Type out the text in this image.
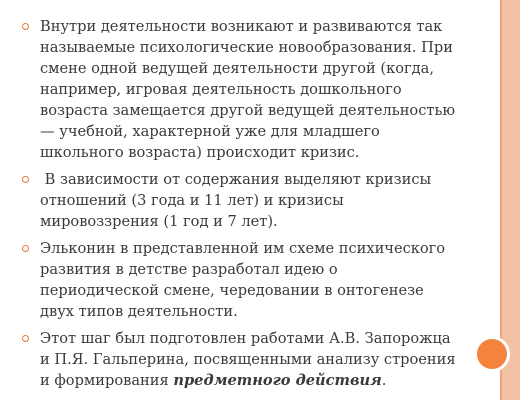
Внутри деятельности возникают и развиваются так называемые психологические новообразования. При смене одной ведущей деятельности другой (когда, например, игровая деятельность дошкольного возраста замещается другой ведущей деятельностью — учебной, характерной уже для младшего школьного возраста) происходит кризис.
В зависимости от содержания выделяют кризисы отношений (3 года и 11 лет) и кризисы мировоззрения (1 год и 7 лет).
Эльконин в представленной им схеме психического развития в детстве разработал идею о периодической смене, чередовании в онтогенезе двух типов деятельности.
Этот шаг был подготовлен работами А.В. Запорожца и П.Я. Гальперина, посвященными анализу строения и формирования предметного действия.
